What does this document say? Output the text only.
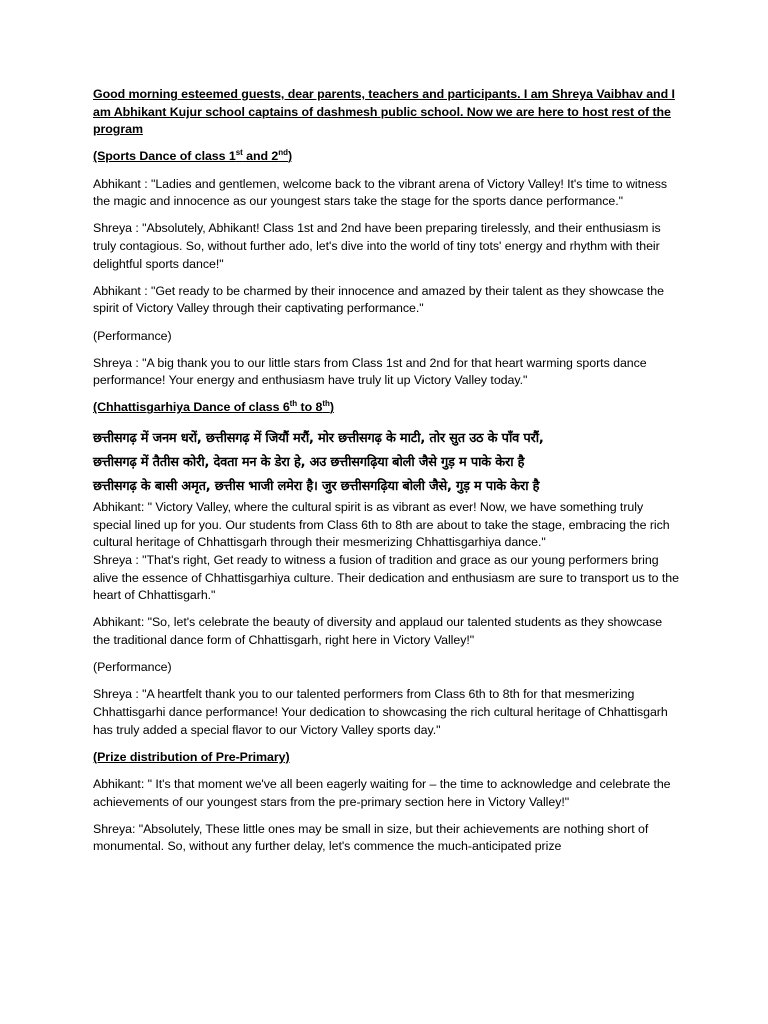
Good morning esteemed guests, dear parents, teachers and participants. I am Shreya Vaibhav and I am Abhikant Kujur school captains of dashmesh public school. Now we are here to host rest of the program

(Sports Dance of class 1st and 2nd)

Abhikant : "Ladies and gentlemen, welcome back to the vibrant arena of Victory Valley! It's time to witness the magic and innocence as our youngest stars take the stage for the sports dance performance."

Shreya : "Absolutely, Abhikant! Class 1st and 2nd have been preparing tirelessly, and their enthusiasm is truly contagious. So, without further ado, let's dive into the world of tiny tots' energy and rhythm with their delightful sports dance!"

Abhikant : "Get ready to be charmed by their innocence and amazed by their talent as they showcase the spirit of Victory Valley through their captivating performance."

(Performance)

Shreya : "A big thank you to our little stars from Class 1st and 2nd for that heart warming sports dance performance! Your energy and enthusiasm have truly lit up Victory Valley today."

(Chhattisgarhiya Dance of class 6th to 8th)

छत्तीसगढ़ में जनम धरों, छत्तीसगढ़ में जियौं मरौं, मोर छत्तीसगढ़ के माटी, तोर सुत उठ के पाँव परौं,

छत्तीसगढ़ में तैतीस कोरी, देवता मन के डेरा हे, अउ छत्तीसगढ़िया बोली जैसे गुड़ म पाके केरा है

छत्तीसगढ़ के बासी अमृत, छत्तीस भाजी लमेरा है। जुर छत्तीसगढ़िया बोली जैसे, गुड़ म पाके केरा है

Abhikant: " Victory Valley, where the cultural spirit is as vibrant as ever! Now, we have something truly special lined up for you. Our students from Class 6th to 8th are about to take the stage, embracing the rich cultural heritage of Chhattisgarh through their mesmerizing Chhattisgarhiya dance."

Shreya : "That's right, Get ready to witness a fusion of tradition and grace as our young performers bring alive the essence of Chhattisgarhiya culture. Their dedication and enthusiasm are sure to transport us to the heart of Chhattisgarh."

Abhikant: "So, let's celebrate the beauty of diversity and applaud our talented students as they showcase the traditional dance form of Chhattisgarh, right here in Victory Valley!"

(Performance)

Shreya : "A heartfelt thank you to our talented performers from Class 6th to 8th for that mesmerizing Chhattisgarhi dance performance! Your dedication to showcasing the rich cultural heritage of Chhattisgarh has truly added a special flavor to our Victory Valley sports day."

(Prize distribution of Pre-Primary)

Abhikant: " It's that moment we've all been eagerly waiting for – the time to acknowledge and celebrate the achievements of our youngest stars from the pre-primary section here in Victory Valley!"

Shreya: "Absolutely, These little ones may be small in size, but their achievements are nothing short of monumental. So, without any further delay, let's commence the much-anticipated prize
